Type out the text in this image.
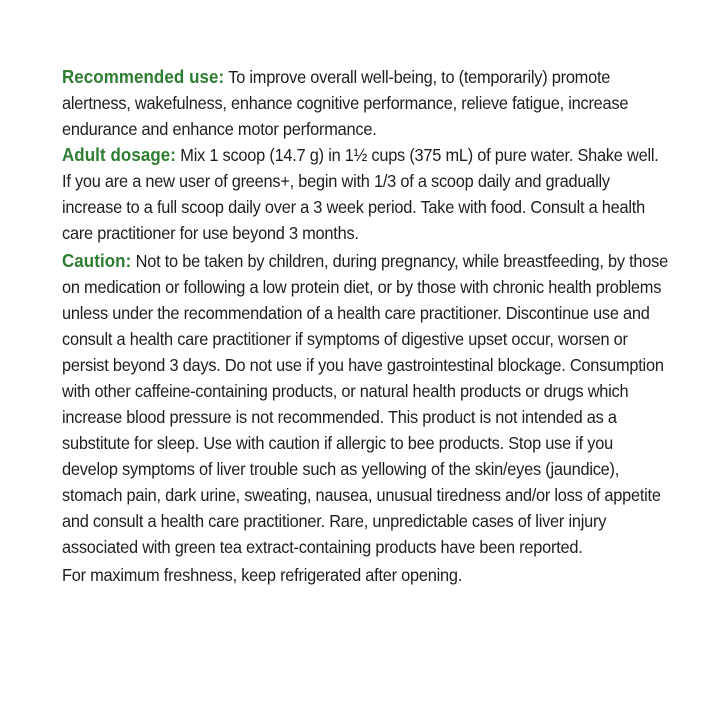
Recommended use: To improve overall well-being, to (temporarily) promote alertness, wakefulness, enhance cognitive performance, relieve fatigue, increase endurance and enhance motor performance.

Adult dosage: Mix 1 scoop (14.7 g) in 1½ cups (375 mL) of pure water. Shake well. If you are a new user of greens+, begin with 1/3 of a scoop daily and gradually increase to a full scoop daily over a 3 week period. Take with food. Consult a health care practitioner for use beyond 3 months.

Caution: Not to be taken by children, during pregnancy, while breastfeeding, by those on medication or following a low protein diet, or by those with chronic health problems unless under the recommendation of a health care practitioner. Discontinue use and consult a health care practitioner if symptoms of digestive upset occur, worsen or persist beyond 3 days. Do not use if you have gastrointestinal blockage. Consumption with other caffeine-containing products, or natural health products or drugs which increase blood pressure is not recommended. This product is not intended as a substitute for sleep. Use with caution if allergic to bee products. Stop use if you develop symptoms of liver trouble such as yellowing of the skin/eyes (jaundice), stomach pain, dark urine, sweating, nausea, unusual tiredness and/or loss of appetite and consult a health care practitioner. Rare, unpredictable cases of liver injury associated with green tea extract-containing products have been reported.

For maximum freshness, keep refrigerated after opening.
